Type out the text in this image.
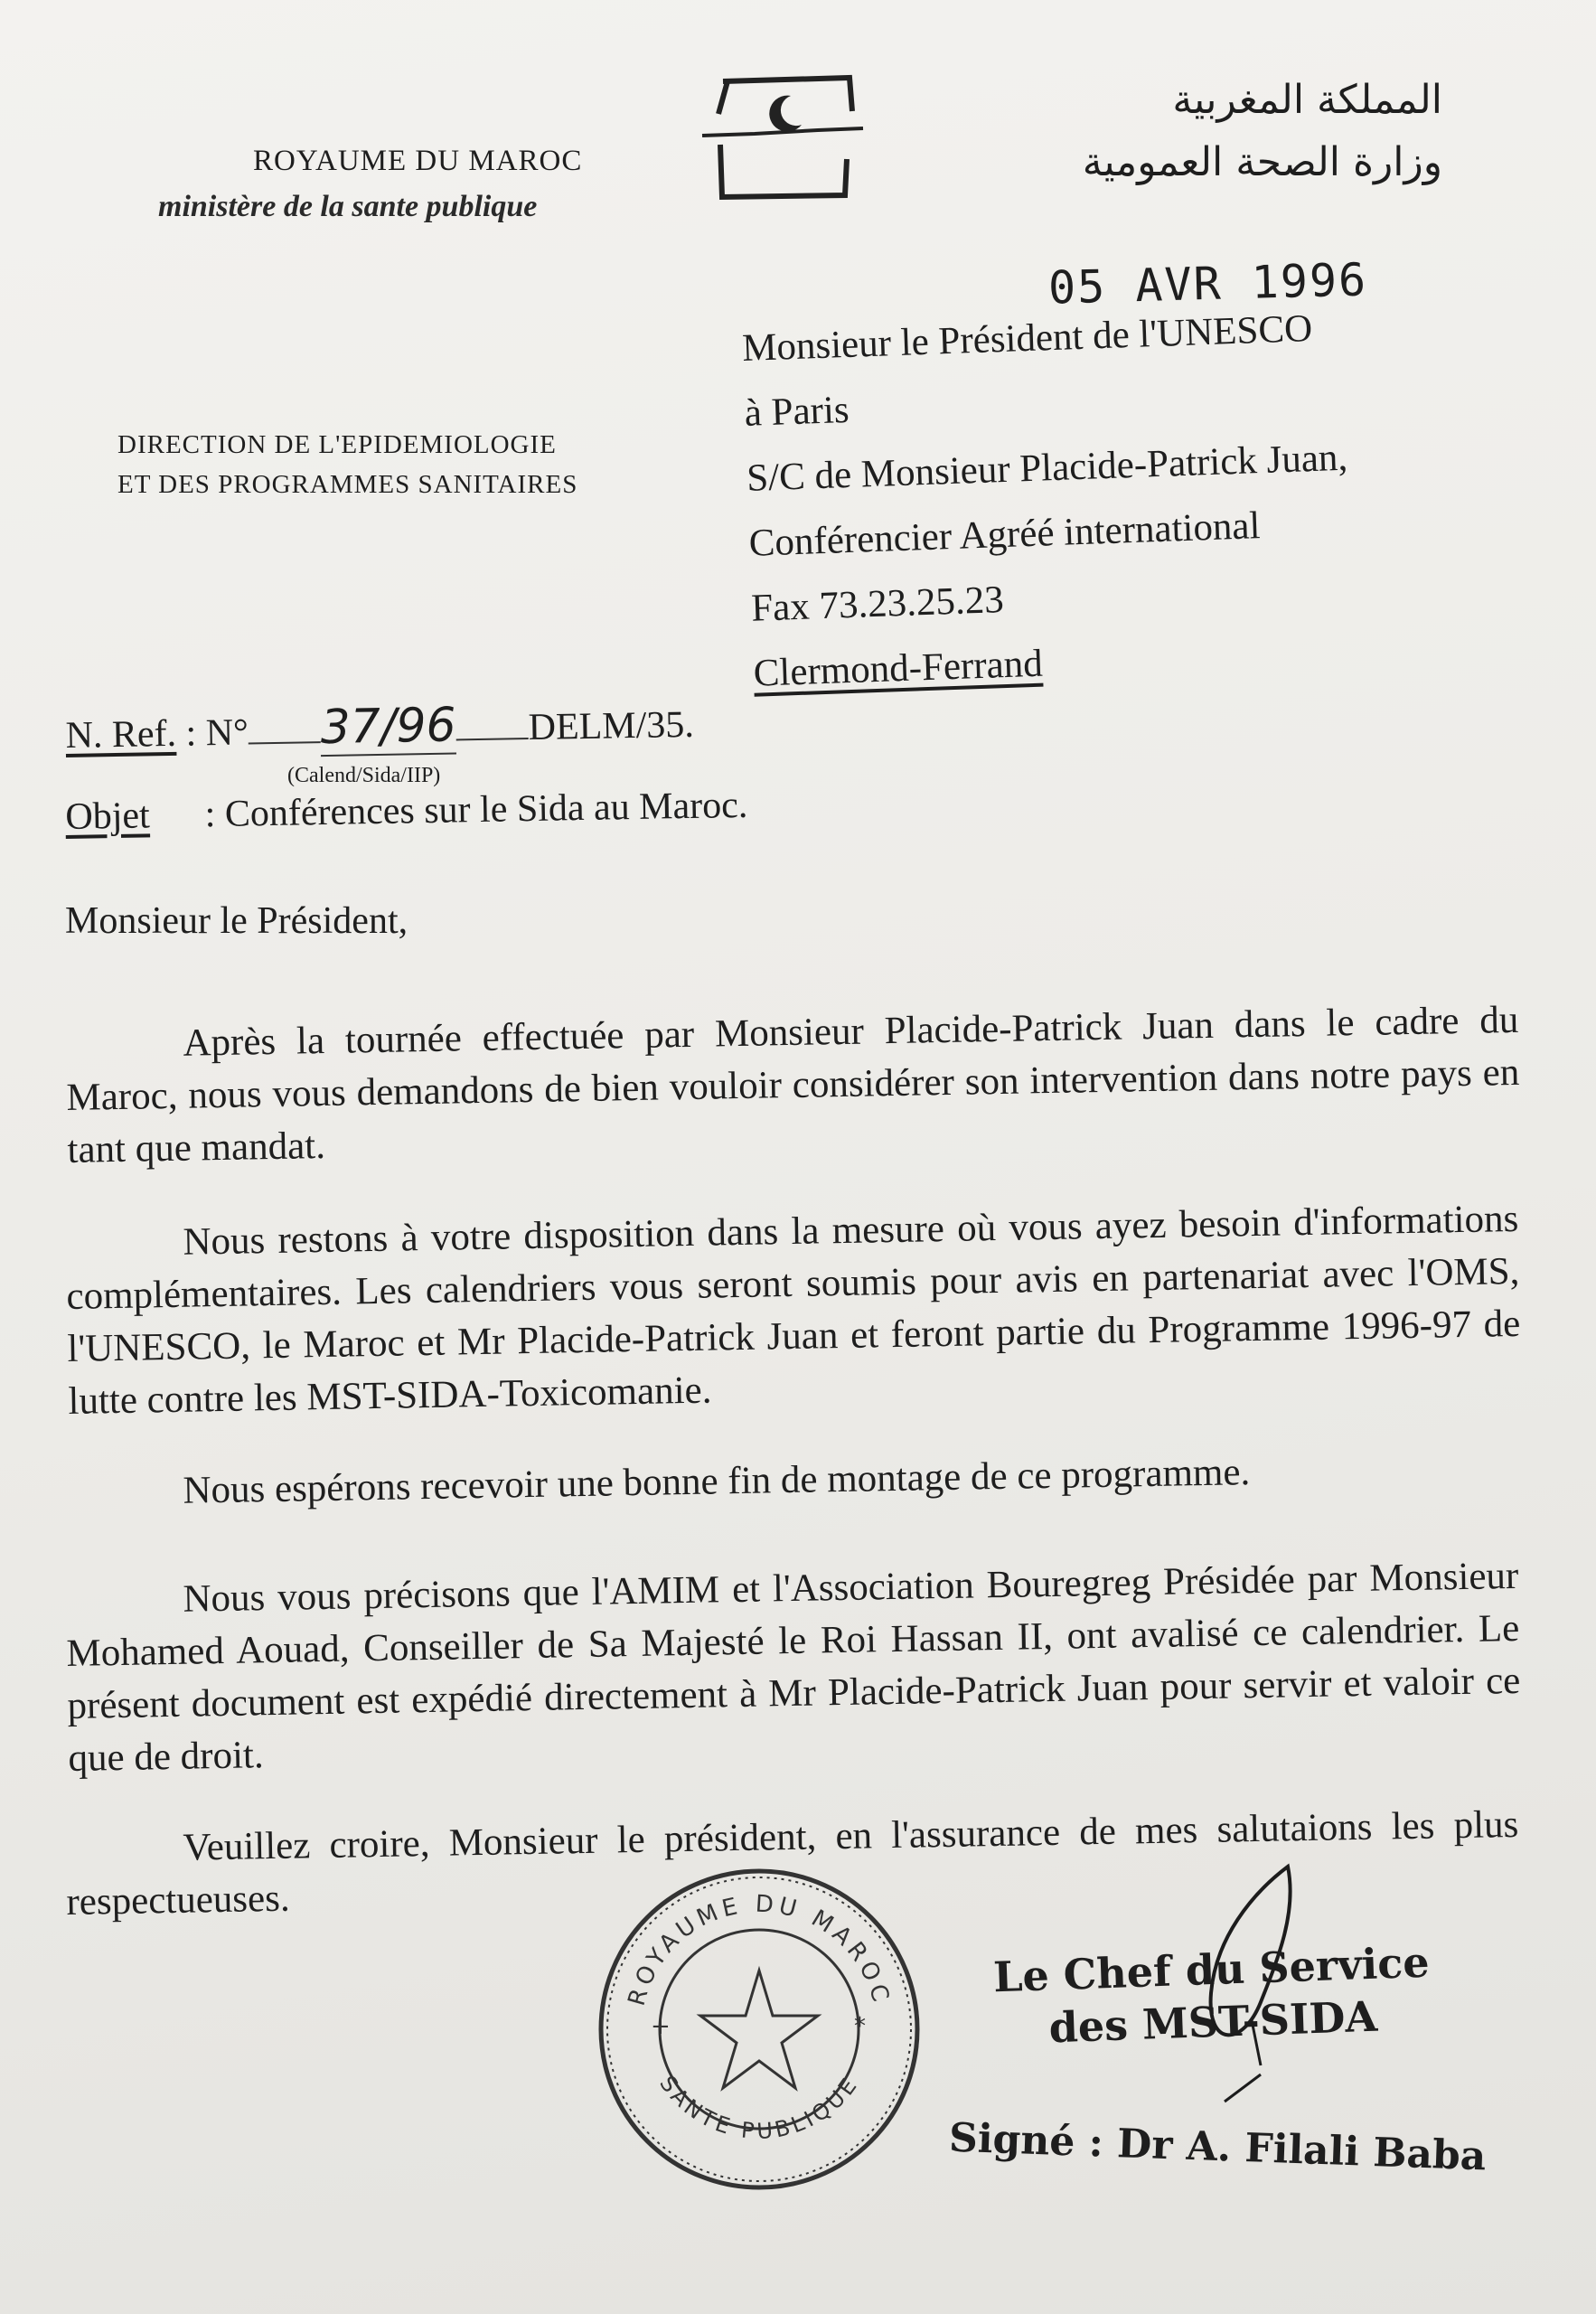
ROYAUME DU MAROC
ministère de la sante publique
المملكة المغربية
وزارة الصحة العمومية
05 AVR 1996
DIRECTION DE L'EPIDEMIOLOGIE
ET DES PROGRAMMES SANITAIRES
Monsieur le Président de l'UNESCO
à Paris
S/C de Monsieur Placide-Patrick Juan,
Conférencier Agréé international
Fax 73.23.25.23
Clermond-Ferrand
N. Ref. : N° 37/96 DELM/35.
(Calend/Sida/IIP)
Objet : Conférences sur le Sida au Maroc.
Monsieur le Président,

Après la tournée effectuée par Monsieur Placide-Patrick Juan dans le cadre du Maroc, nous vous demandons de bien vouloir considérer son intervention dans notre pays en tant que mandat.

Nous restons à votre disposition dans la mesure où vous ayez besoin d'informations complémentaires. Les calendriers vous seront soumis pour avis en partenariat avec l'OMS, l'UNESCO, le Maroc et Mr Placide-Patrick Juan et feront partie du Programme 1996-97 de lutte contre les MST-SIDA-Toxicomanie.

Nous espérons recevoir une bonne fin de montage de ce programme.

Nous vous précisons que l'AMIM et l'Association Bouregreg Présidée par Monsieur Mohamed Aouad, Conseiller de Sa Majesté le Roi Hassan II, ont avalisé ce calendrier. Le présent document est expédié directement à Mr Placide-Patrick Juan pour servir et valoir ce que de droit.

Veuillez croire, Monsieur le président, en l'assurance de mes salutaions les plus respectueuses.

ROYAUME DU MAROC
SANTE PUBLIQUE
+	*
Le Chef du Service
des MST-SIDA
Signé : Dr A. Filali Baba
